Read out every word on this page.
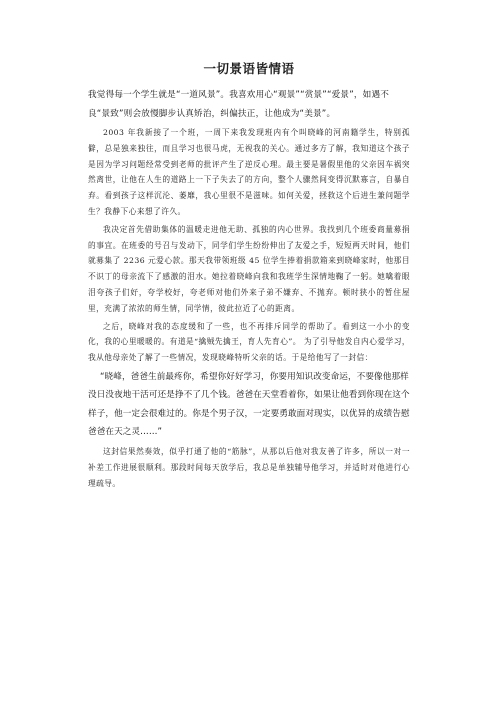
一切景语皆情语

我觉得每一个学生就是“一道风景”。我喜欢用心“观景”“赏景”“爱景”，如遇不良“景致”则会放慢脚步认真矫治，纠偏扶正，让他成为“美景”。

2003 年我新接了一个班，一周下来我发现班内有个叫晓峰的河南籍学生，特别孤僻，总是独来独往，而且学习也很马虎，无视我的关心。通过多方了解，我知道这个孩子是因为学习问题经常受到老师的批评产生了逆反心理。最主要是暑假里他的父亲因车祸突然离世，让他在人生的道路上一下子失去了的方向，整个人骤然间变得沉默寡言，自暴自弃。看到孩子这样沉沦、萎靡，我心里很不是滋味。如何关爱，拯救这个后进生兼问题学生？我静下心来想了许久。

我决定首先借助集体的温暖走进他无助、孤独的内心世界。我找到几个班委商量募捐的事宜。在班委的号召与发动下，同学们学生纷纷伸出了友爱之手，短短两天时间，他们就募集了 2236 元爱心款。那天我带领班级 45 位学生捧着捐款箱来到晓峰家时，他那目不识丁的母亲流下了感激的泪水。她拉着晓峰向我和我班学生深情地鞠了一躬。她噙着眼泪夸孩子们好，夸学校好，夸老师对他们外来子弟不嫌弃、不抛弃。顿时狭小的暂住屋里，充满了浓浓的师生情，同学情，彼此拉近了心的距离。

之后，晓峰对我的态度缓和了一些，也不再排斥同学的帮助了。看到这一小小的变化，我的心里暖暖的。有道是“擒贼先擒王，育人先育心”。 为了引导他发自内心爱学习，我从他母亲处了解了一些情况，发现晓峰特听父亲的话。于是给他写了一封信：

“晓峰，爸爸生前最疼你，希望你好好学习，你要用知识改变命运，不要像他那样没日没夜地干活可还是挣不了几个钱。爸爸在天堂看着你，如果让他看到你现在这个样子，他一定会很难过的。你是个男子汉，一定要勇敢面对现实，以优异的成绩告慰爸爸在天之灵……”

这封信果然奏效，似乎打通了他的“筋脉”，从那以后他对我友善了许多，所以一对一补差工作进展很顺利。那段时间每天放学后，我总是单独辅导他学习，并适时对他进行心理疏导。
